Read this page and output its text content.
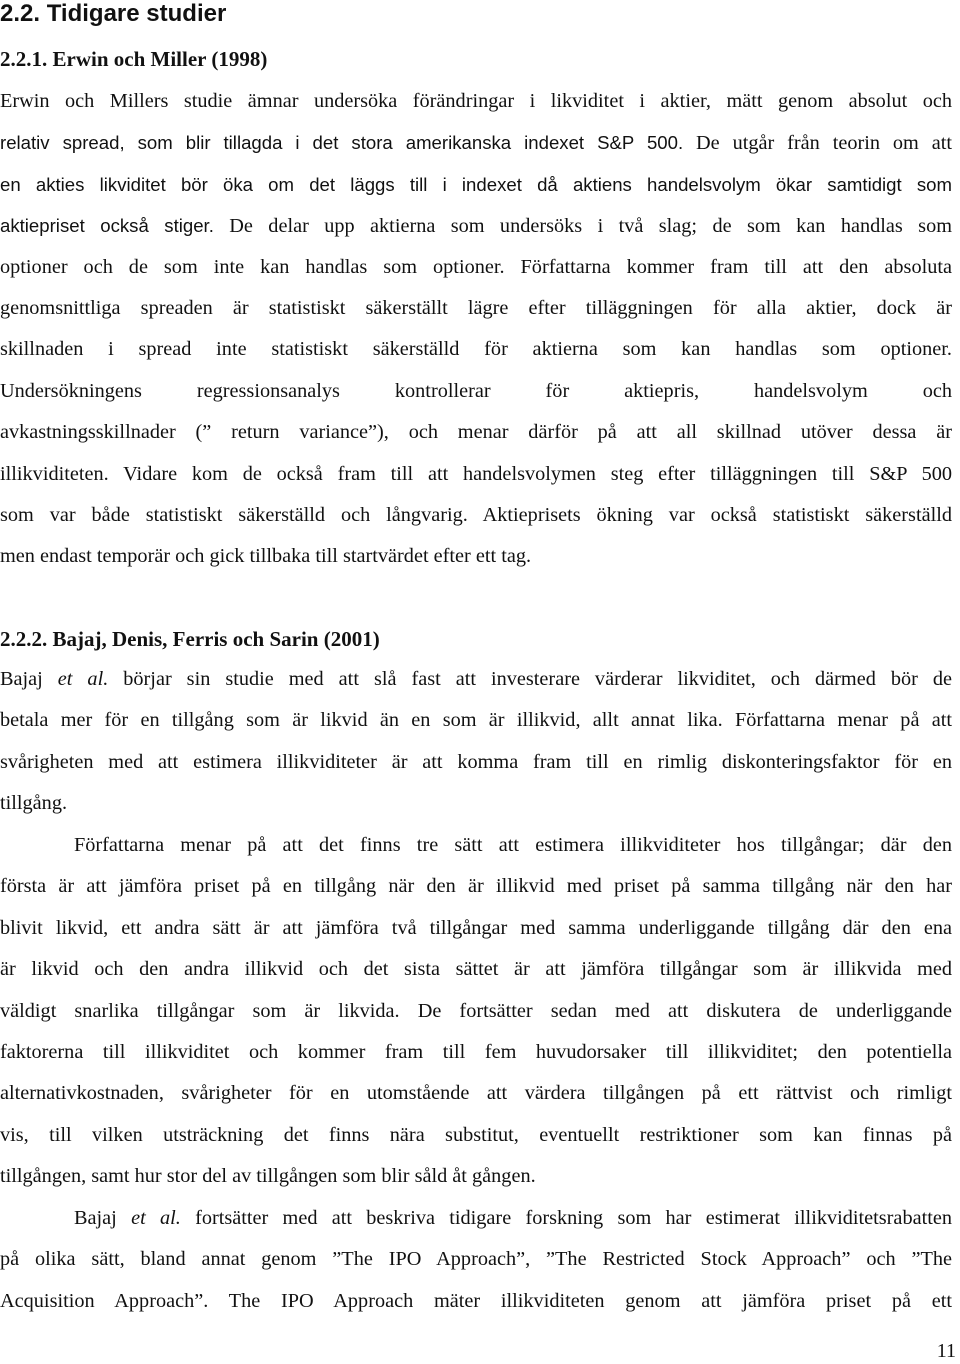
2.2. Tidigare studier
2.2.1. Erwin och Miller (1998)
Erwin och Millers studie ämnar undersöka förändringar i likviditet i aktier, mätt genom absolut och
relativ spread, som blir tillagda i det stora amerikanska indexet S&P 500. De utgår från teorin om att
en akties likviditet bör öka om det läggs till i indexet då aktiens handelsvolym ökar samtidigt som
aktiepriset också stiger. De delar upp aktierna som undersöks i två slag; de som kan handlas som
optioner och de som inte kan handlas som optioner. Författarna kommer fram till att den absoluta
genomsnittliga spreaden är statistiskt säkerställt lägre efter tilläggningen för alla aktier, dock är
skillnaden i spread inte statistiskt säkerställd för aktierna som kan handlas som optioner.
Undersökningens regressionsanalys kontrollerar för aktiepris, handelsvolym och
avkastningsskillnader (” return variance”), och menar därför på att all skillnad utöver dessa är
illikviditeten. Vidare kom de också fram till att handelsvolymen steg efter tilläggningen till S&P 500
som var både statistiskt säkerställd och långvarig. Aktieprisets ökning var också statistiskt säkerställd
men endast temporär och gick tillbaka till startvärdet efter ett tag.
2.2.2. Bajaj, Denis, Ferris och Sarin (2001)
Bajaj et al. börjar sin studie med att slå fast att investerare värderar likviditet, och därmed bör de
betala mer för en tillgång som är likvid än en som är illikvid, allt annat lika. Författarna menar på att
svårigheten med att estimera illikviditeter är att komma fram till en rimlig diskonteringsfaktor för en
tillgång.
Författarna menar på att det finns tre sätt att estimera illikviditeter hos tillgångar; där den
första är att jämföra priset på en tillgång när den är illikvid med priset på samma tillgång när den har
blivit likvid, ett andra sätt är att jämföra två tillgångar med samma underliggande tillgång där den ena
är likvid och den andra illikvid och det sista sättet är att jämföra tillgångar som är illikvida med
väldigt snarlika tillgångar som är likvida. De fortsätter sedan med att diskutera de underliggande
faktorerna till illikviditet och kommer fram till fem huvudorsaker till illikviditet; den potentiella
alternativkostnaden, svårigheter för en utomstående att värdera tillgången på ett rättvist och rimligt
vis, till vilken utsträckning det finns nära substitut, eventuellt restriktioner som kan finnas på
tillgången, samt hur stor del av tillgången som blir såld åt gången.
Bajaj et al. fortsätter med att beskriva tidigare forskning som har estimerat illikviditetsrabatten
på olika sätt, bland annat genom ”The IPO Approach”, ”The Restricted Stock Approach” och ”The
Acquisition Approach”. The IPO Approach mäter illikviditeten genom att jämföra priset på ett
11
